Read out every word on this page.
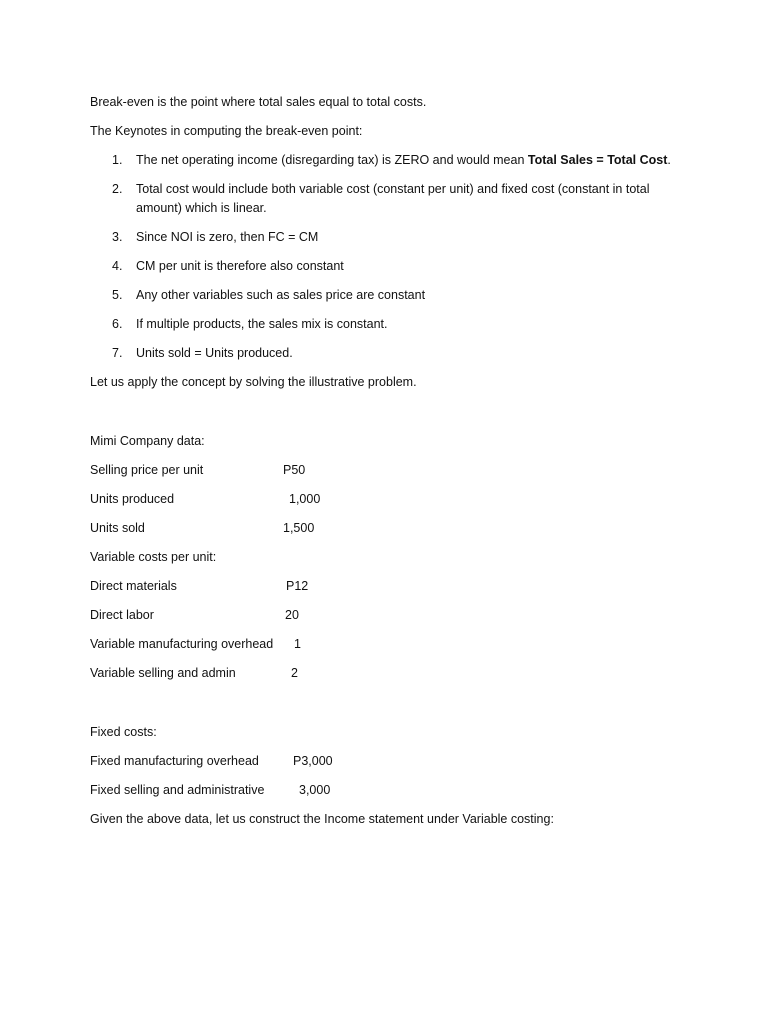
Break-even is the point where total sales equal to total costs.
The Keynotes in computing the break-even point:
1. The net operating income (disregarding tax) is ZERO and would mean Total Sales = Total Cost.
2. Total cost would include both variable cost (constant per unit) and fixed cost (constant in total
amount) which is linear.
3. Since NOI is zero, then FC = CM
4. CM per unit is therefore also constant
5. Any other variables such as sales price are constant
6. If multiple products, the sales mix is constant.
7. Units sold = Units produced.
Let us apply the concept by solving the illustrative problem.
Mimi Company data:
Selling price per unit	P50
Units produced	1,000
Units sold	1,500
Variable costs per unit:
Direct materials	P12
Direct labor	20
Variable manufacturing overhead 1
Variable selling and admin	2
Fixed costs:
Fixed manufacturing overhead	P3,000
Fixed selling and administrative	3,000
Given the above data, let us construct the Income statement under Variable costing:
